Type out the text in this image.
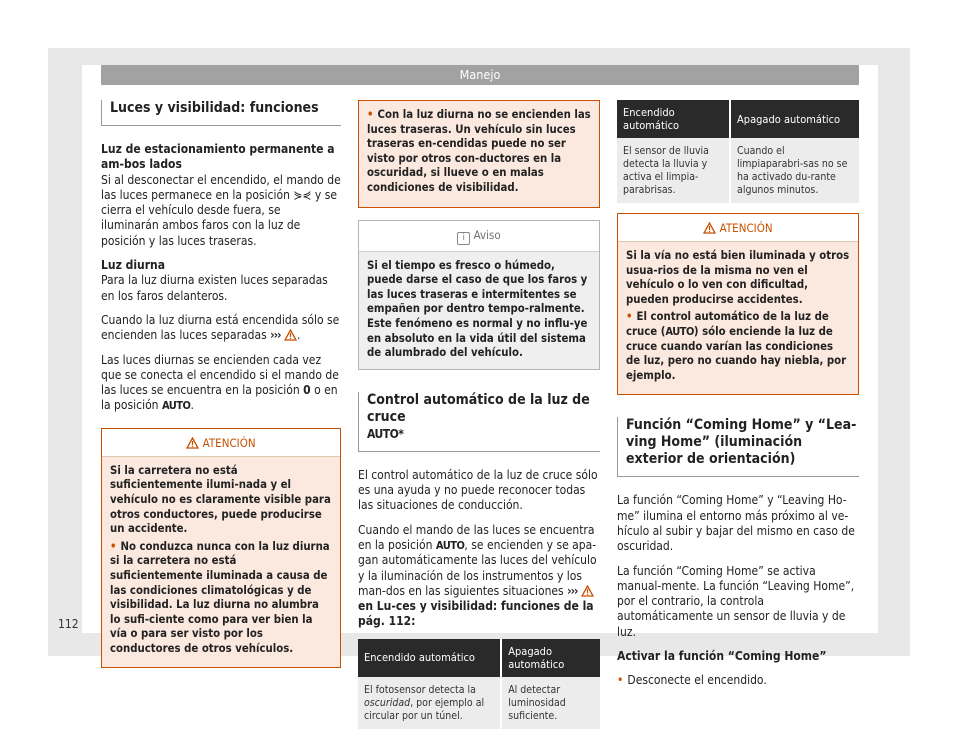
Manejo
Luces y visibilidad: funciones

Luz de estacionamiento permanente a am-bos lados

Si al desconectar el encendido, el mando de las luces permanece en la posición ⋟⋞ y se cierra el vehículo desde fuera, se iluminarán ambos faros con la luz de posición y las luces traseras.

Luz diurna

Para la luz diurna existen luces separadas en los faros delanteros.

Cuando la luz diurna está encendida sólo se encienden las luces separadas ››› .

Las luces diurnas se encienden cada vez que se conecta el encendido si el mando de las luces se encuentra en la posición 0 o en la posición AUTO.

ATENCIÓN

Si la carretera no está suficientemente ilumi-nada y el vehículo no es claramente visible para otros conductores, puede producirse un accidente.

• No conduzca nunca con la luz diurna si la carretera no está suficientemente iluminada a causa de las condiciones climatológicas y de visibilidad. La luz diurna no alumbra lo sufi-ciente como para ver bien la vía o para ser visto por los conductores de otros vehículos.

• Con la luz diurna no se encienden las luces traseras. Un vehículo sin luces traseras en-cendidas puede no ser visto por otros con-ductores en la oscuridad, si llueve o en malas condiciones de visibilidad.

i Aviso

Si el tiempo es fresco o húmedo, puede darse el caso de que los faros y las luces traseras e intermitentes se empañen por dentro tempo-ralmente. Este fenómeno es normal y no influ-ye en absoluto en la vida útil del sistema de alumbrado del vehículo.

Control automático de la luz de cruce
AUTO*

El control automático de la luz de cruce sólo es una ayuda y no puede reconocer todas las situaciones de conducción.

Cuando el mando de las luces se encuentra en la posición AUTO, se encienden y se apa-gan automáticamente las luces del vehículo y la iluminación de los instrumentos y los man-dos en las siguientes situaciones ›››  en Lu-ces y visibilidad: funciones de la pág. 112:

Encendido automático	Apagado automático
El fotosensor detecta la oscuridad, por ejemplo al circular por un túnel.	Al detectar luminosidad suficiente.
Encendido automático	Apagado automático
El sensor de lluvia detecta la lluvia y activa el limpia-parabrisas.	Cuando el limpiaparabri-sas no se ha activado du-rante algunos minutos.
ATENCIÓN

Si la vía no está bien iluminada y otros usua-rios de la misma no ven el vehículo o lo ven con dificultad, pueden producirse accidentes.

• El control automático de la luz de cruce (AUTO) sólo enciende la luz de cruce cuando varían las condiciones de luz, pero no cuando hay niebla, por ejemplo.

Función “Coming Home” y “Lea-ving Home” (iluminación exterior de orientación)

La función “Coming Home” y “Leaving Ho-me” ilumina el entorno más próximo al ve-hículo al subir y bajar del mismo en caso de oscuridad.

La función “Coming Home” se activa manual-mente. La función “Leaving Home”, por el contrario, la controla automáticamente un sensor de lluvia y de luz.

Activar la función “Coming Home”

• Desconecte el encendido.

112
